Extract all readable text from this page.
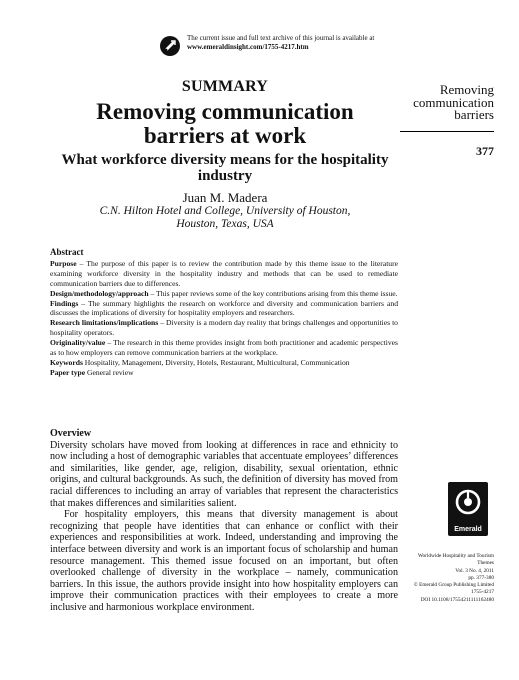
The current issue and full text archive of this journal is available at
www.emeraldinsight.com/1755-4217.htm
SUMMARY
Removing communication barriers at work
What workforce diversity means for the hospitality industry
Juan M. Madera
C.N. Hilton Hotel and College, University of Houston,
Houston, Texas, USA
Removing
communication
barriers
377
Abstract

Purpose – The purpose of this paper is to review the contribution made by this theme issue to the literature examining workforce diversity in the hospitality industry and methods that can be used to remediate communication barriers due to differences.

Design/methodology/approach – This paper reviews some of the key contributions arising from this theme issue.

Findings – The summary highlights the research on workforce and diversity and communication barriers and discusses the implications of diversity for hospitality employers and researchers.

Research limitations/implications – Diversity is a modern day reality that brings challenges and opportunities to hospitality operators.

Originality/value – The research in this theme provides insight from both practitioner and academic perspectives as to how employers can remove communication barriers at the workplace.

Keywords Hospitality, Management, Diversity, Hotels, Restaurant, Multicultural, Communication

Paper type General review

Overview

Diversity scholars have moved from looking at differences in race and ethnicity to now including a host of demographic variables that accentuate employees’ differences and similarities, like gender, age, religion, disability, sexual orientation, ethnic origins, and cultural backgrounds. As such, the definition of diversity has moved from racial differences to including an array of variables that represent the characteristics that makes differences and similarities salient.

For hospitality employers, this means that diversity management is about recognizing that people have identities that can enhance or conflict with their experiences and responsibilities at work. Indeed, understanding and improving the interface between diversity and work is an important focus of scholarship and human resource management. This themed issue focused on an important, but often overlooked challenge of diversity in the workplace – namely, communication barriers. In this issue, the authors provide insight into how hospitality employers can improve their communication practices with their employees to create a more inclusive and harmonious workplace environment.

Emerald
Worldwide Hospitality and Tourism
Themes
Vol. 3 No. 4, 2011
pp. 377-380
© Emerald Group Publishing Limited
1755-4217
DOI 10.1108/17554211111162480
